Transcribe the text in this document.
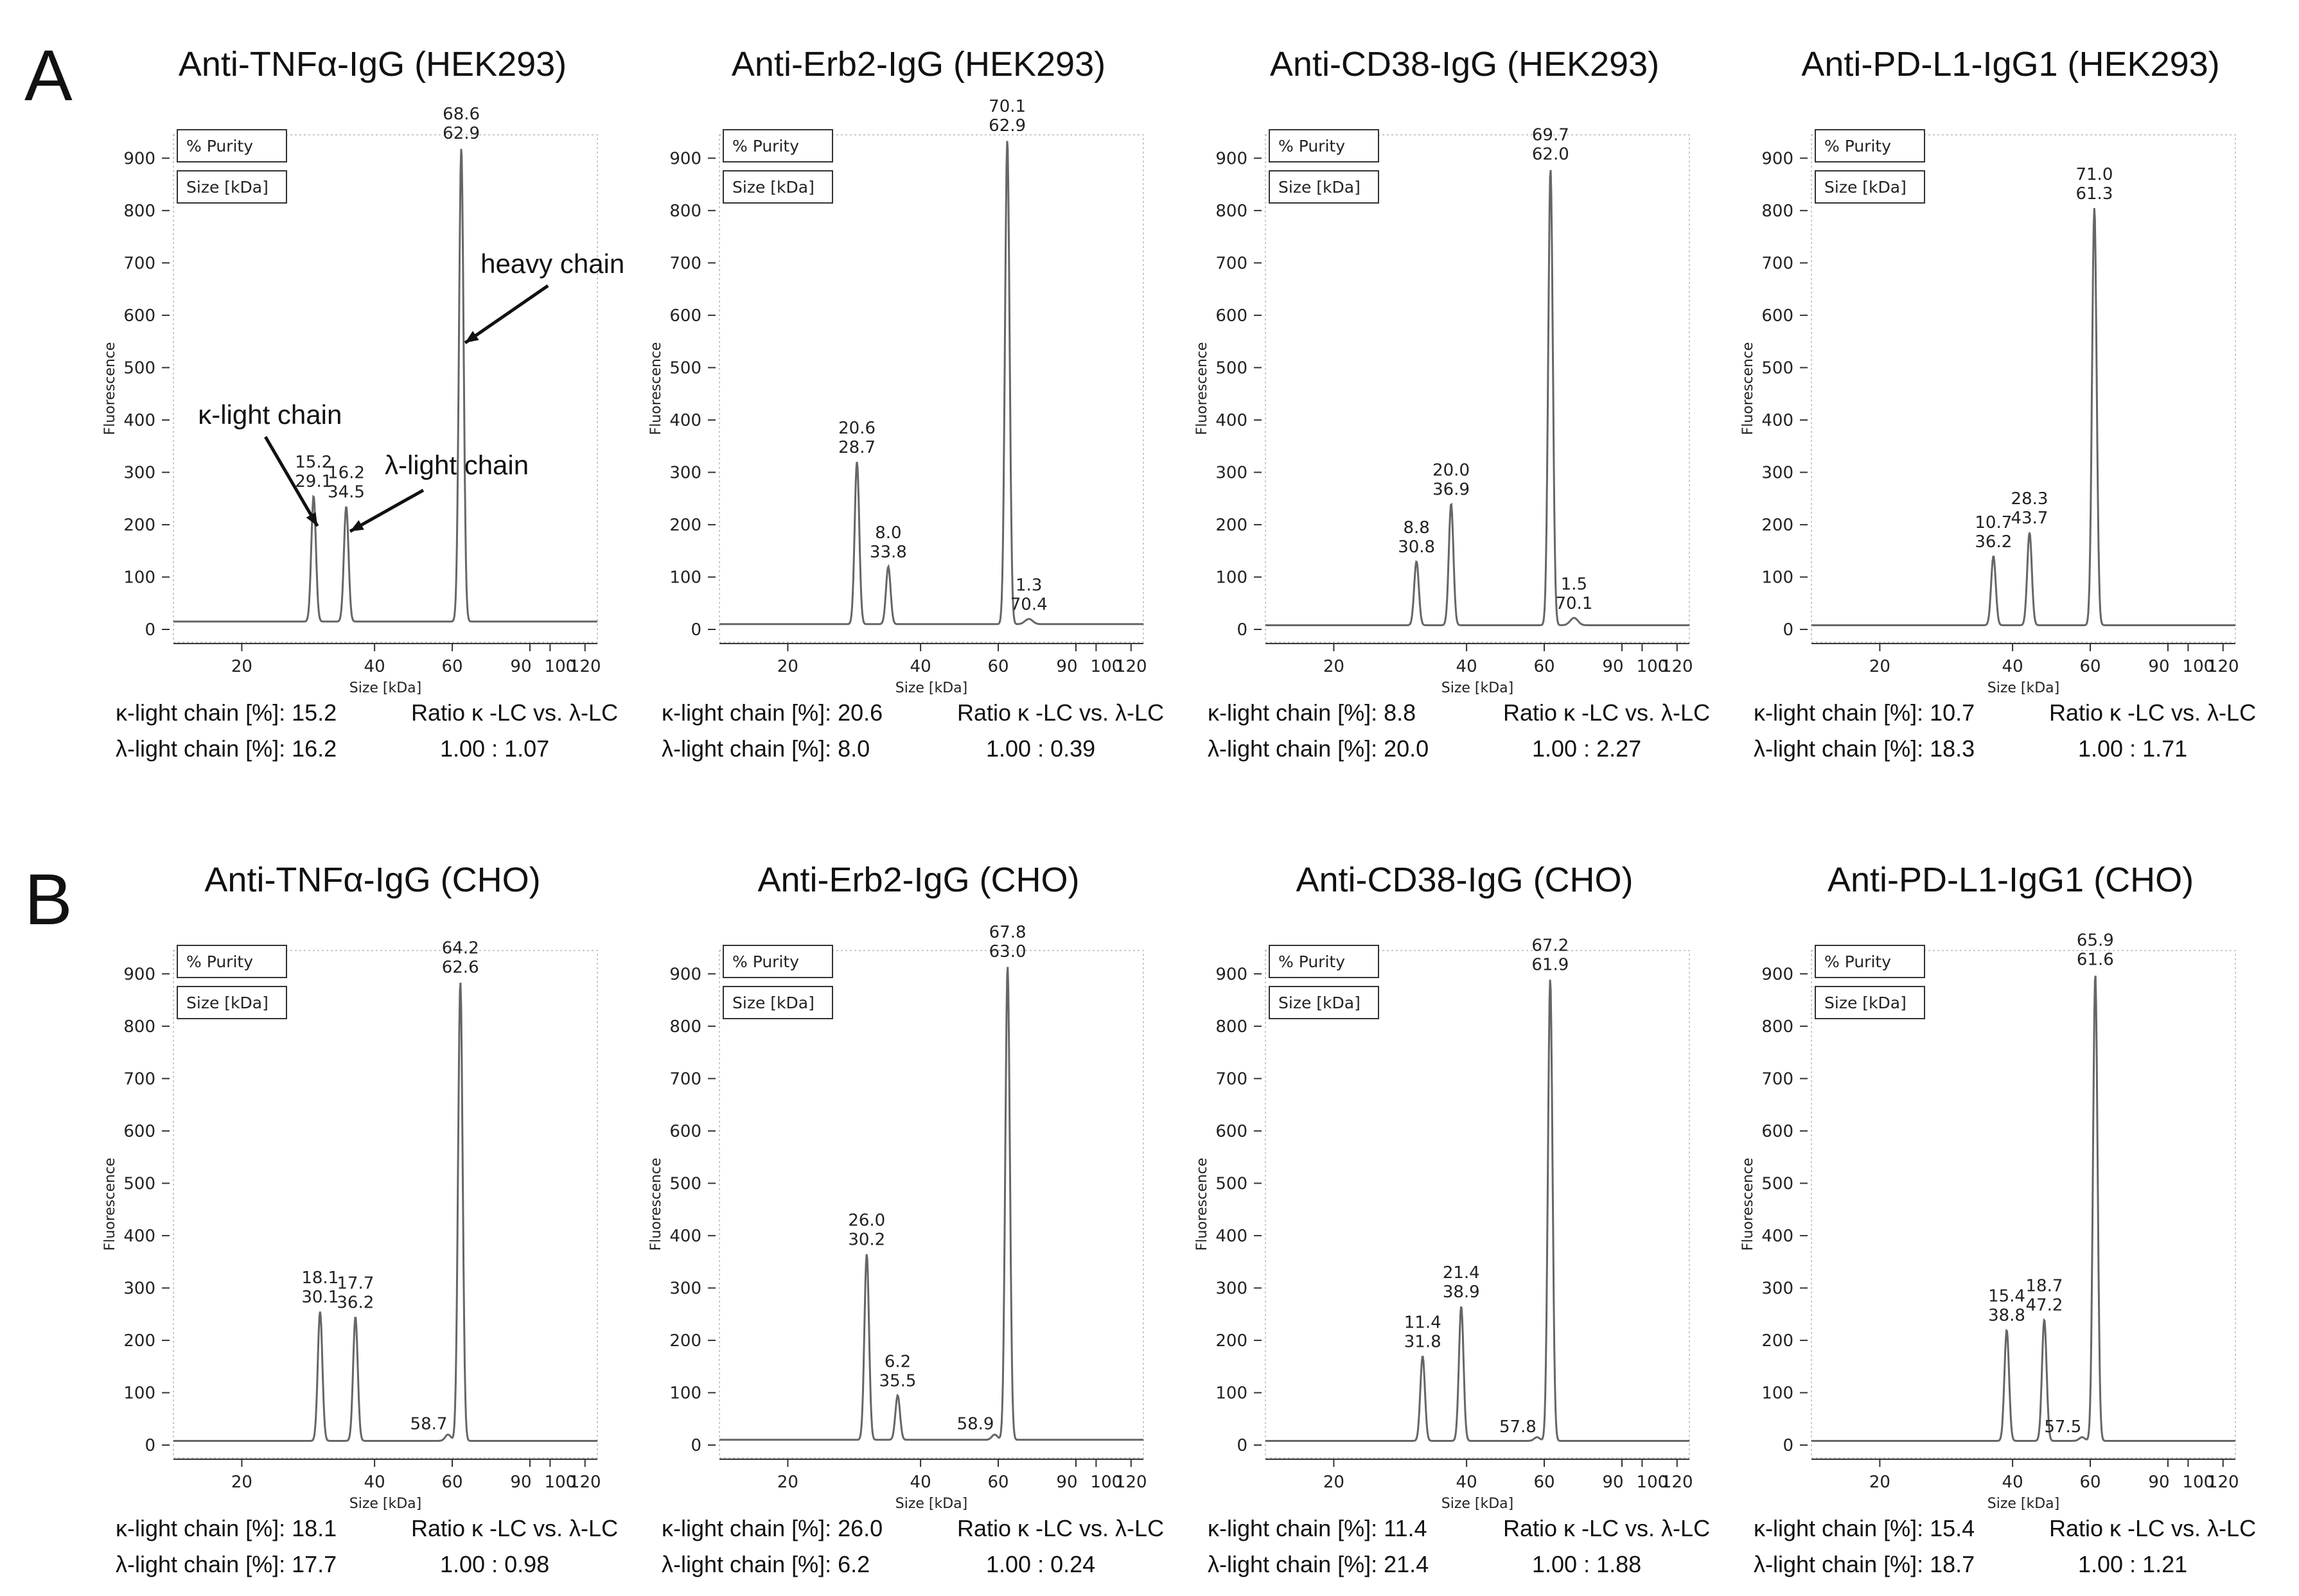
A
B
Anti-TNFα-IgG (HEK293)
0
100
200
300
400
500
600
700
800
900
20	40	60	90 100
120
Size [kDa]
Fluorescence
% Purity
Size [kDa]
15.2
29.1
16.2
34.5
68.6
62.9
heavy chain
κ-light chain
λ-light chain
κ-light chain [%]: 15.2
λ-light chain [%]: 16.2
Ratio κ -LC vs. λ-LC
1.00 : 1.07
Anti-Erb2-IgG (HEK293)
0
100
200
300
400
500
600
700
800
900
20	40	60	90 100
120
Size [kDa]
Fluorescence
% Purity
Size [kDa]
20.6
28.7
8.0
33.8
70.1
62.9
1.3
70.4
κ-light chain [%]: 20.6
λ-light chain [%]: 8.0
Ratio κ -LC vs. λ-LC
1.00 : 0.39
Anti-CD38-IgG (HEK293)
0
100
200
300
400
500
600
700
800
900
20	40	60	90 100
120
Size [kDa]
Fluorescence
% Purity
Size [kDa]
8.8
30.8
20.0
36.9
69.7
62.0
1.5
70.1
κ-light chain [%]: 8.8
λ-light chain [%]: 20.0
Ratio κ -LC vs. λ-LC
1.00 : 2.27
Anti-PD-L1-IgG1 (HEK293)
0
100
200
300
400
500
600
700
800
900
20	40	60	90 100
120
Size [kDa]
Fluorescence
% Purity
Size [kDa]
10.7
36.2
28.3
43.7
71.0
61.3
κ-light chain [%]: 10.7
λ-light chain [%]: 18.3
Ratio κ -LC vs. λ-LC
1.00 : 1.71
Anti-TNFα-IgG (CHO)
0
100
200
300
400
500
600
700
800
900
20	40	60	90 100
120
Size [kDa]
Fluorescence
% Purity
Size [kDa]
18.1
30.1
17.7
36.2
58.7
64.2
62.6
κ-light chain [%]: 18.1
λ-light chain [%]: 17.7
Ratio κ -LC vs. λ-LC
1.00 : 0.98
Anti-Erb2-IgG (CHO)
0
100
200
300
400
500
600
700
800
900
20	40	60	90 100
120
Size [kDa]
Fluorescence
% Purity
Size [kDa]
26.0
30.2
6.2
35.5
58.9
67.8
63.0
κ-light chain [%]: 26.0
λ-light chain [%]: 6.2
Ratio κ -LC vs. λ-LC
1.00 : 0.24
Anti-CD38-IgG (CHO)
0
100
200
300
400
500
600
700
800
900
20	40	60	90 100
120
Size [kDa]
Fluorescence
% Purity
Size [kDa]
11.4
31.8
21.4
38.9
57.8
67.2
61.9
κ-light chain [%]: 11.4
λ-light chain [%]: 21.4
Ratio κ -LC vs. λ-LC
1.00 : 1.88
Anti-PD-L1-IgG1 (CHO)
0
100
200
300
400
500
600
700
800
900
20	40	60	90 100
120
Size [kDa]
Fluorescence
% Purity
Size [kDa]
15.4
38.8
18.7
47.2
57.5
65.9
61.6
κ-light chain [%]: 15.4
λ-light chain [%]: 18.7
Ratio κ -LC vs. λ-LC
1.00 : 1.21
